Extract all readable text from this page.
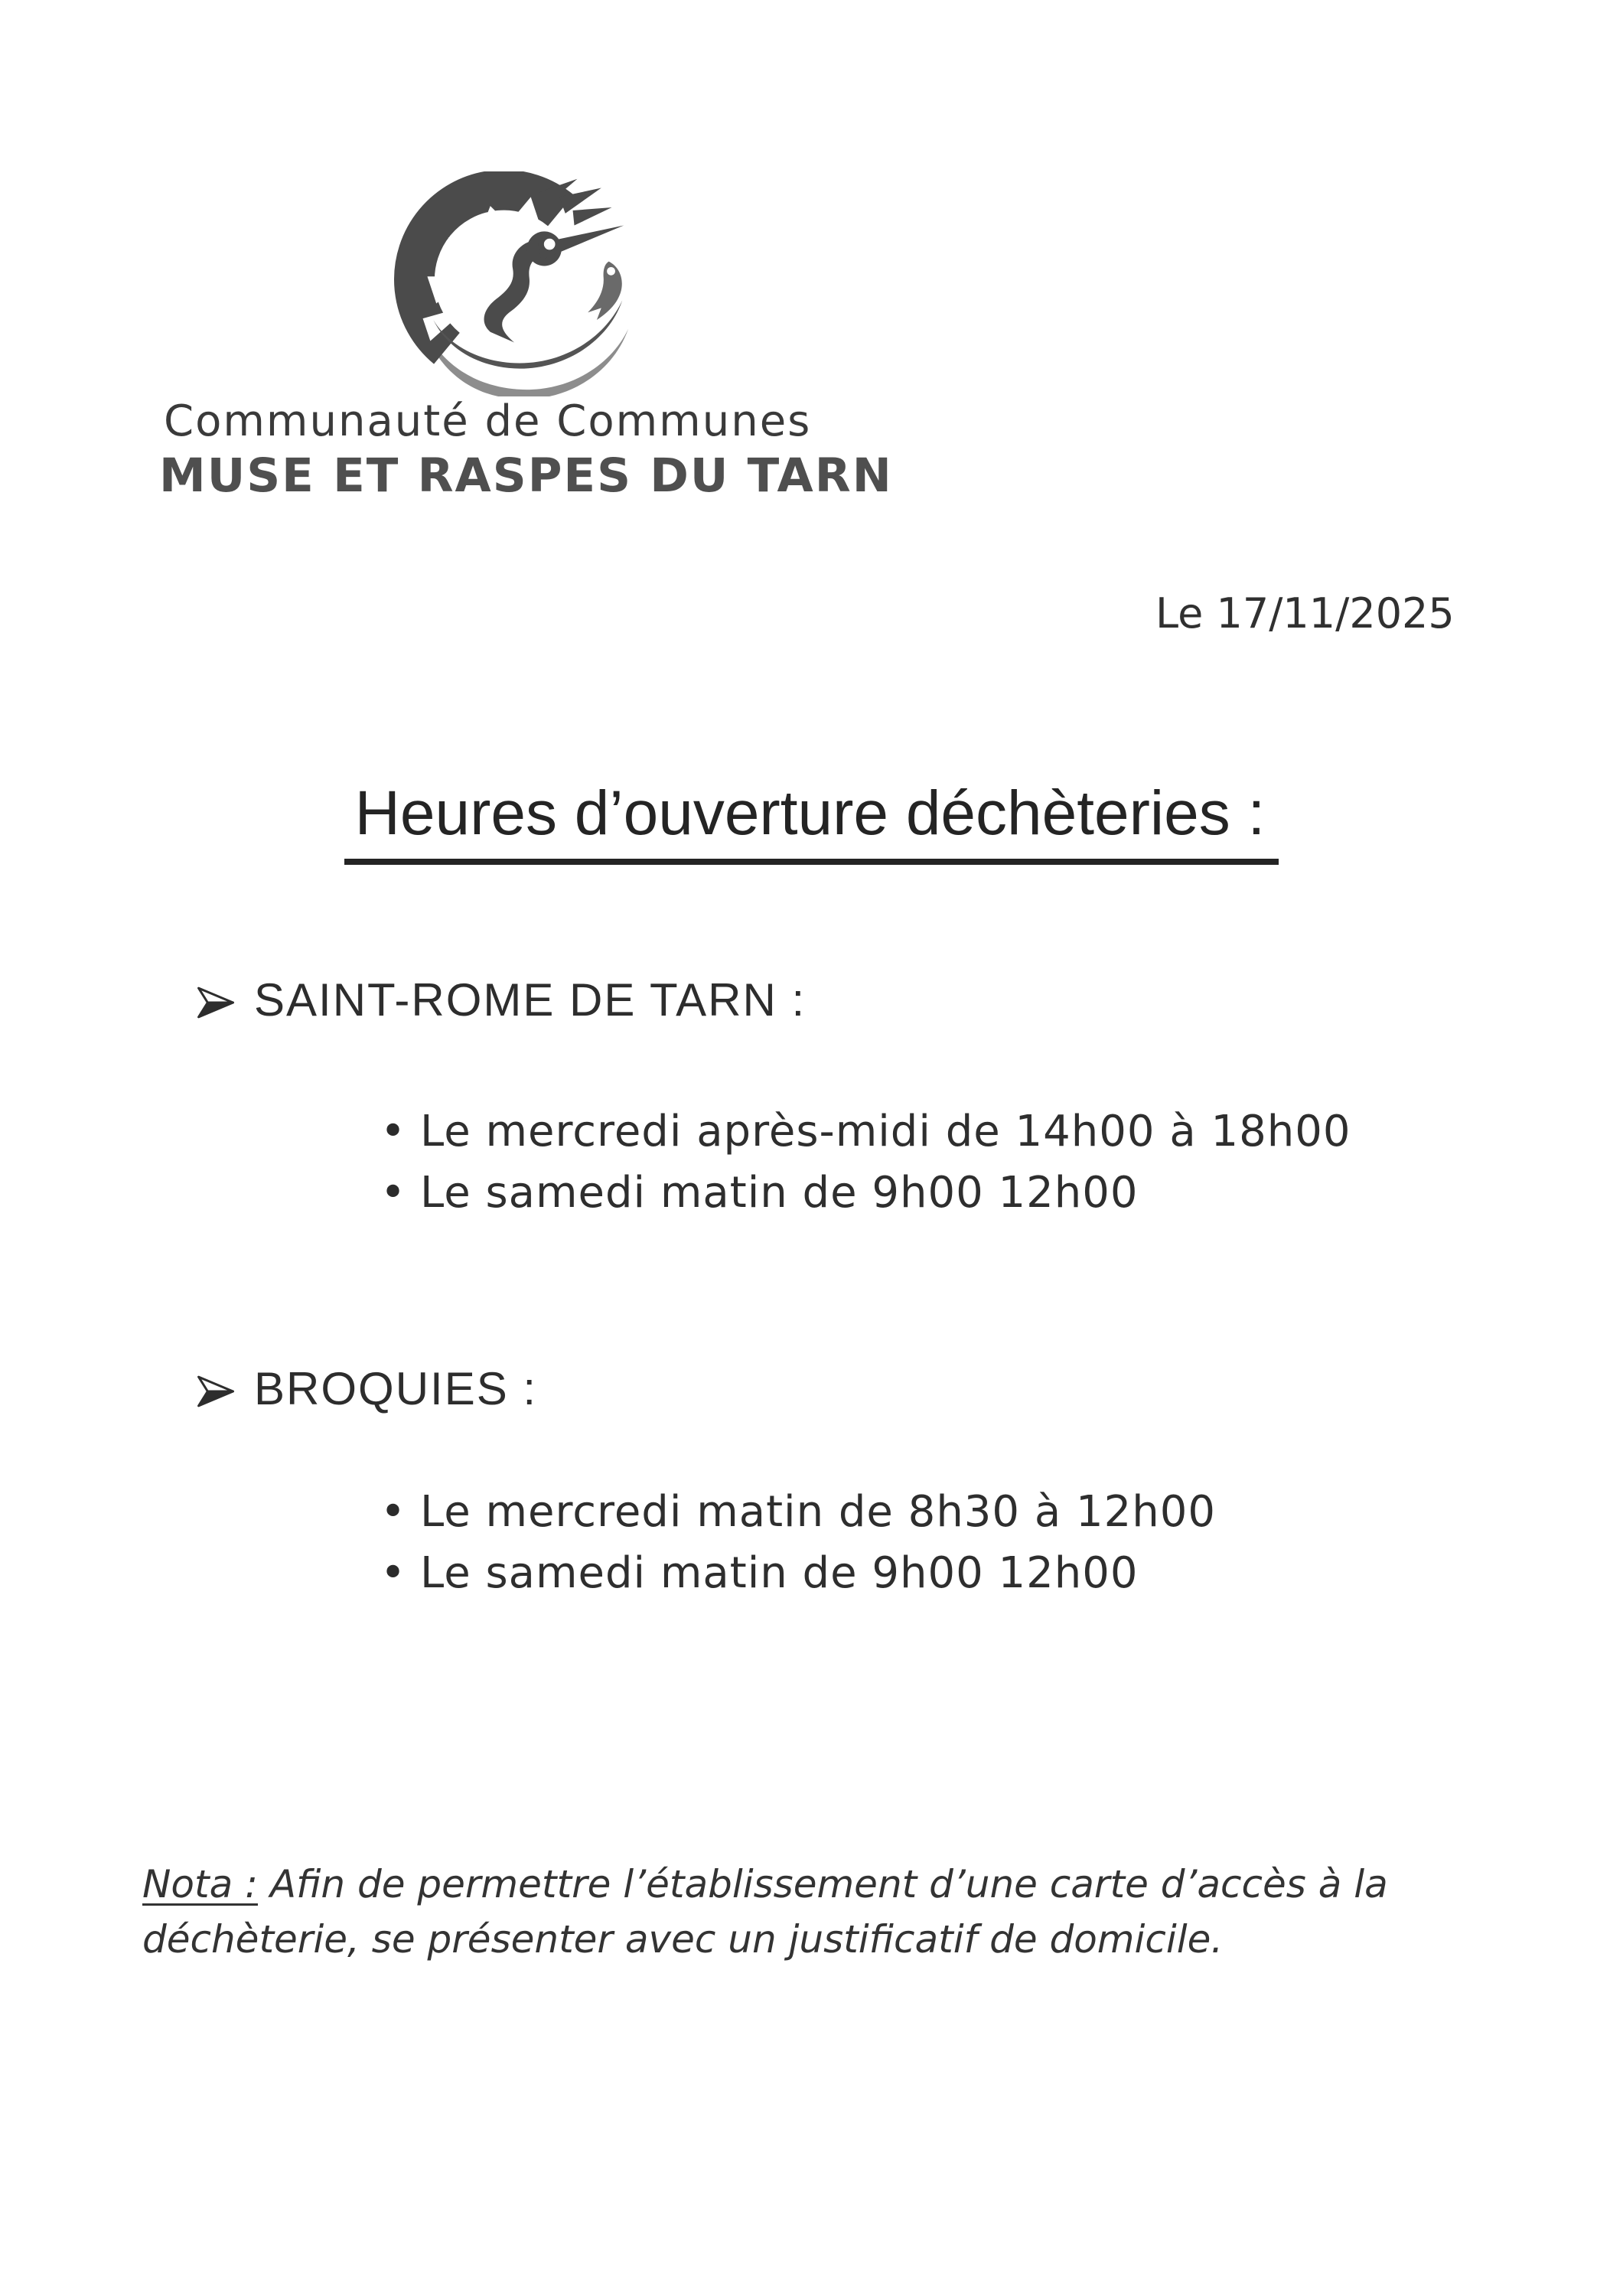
Communauté de Communes
MUSE ET RASPES DU TARN
Le 17/11/2025
Heures d’ouverture déchèteries :
SAINT-ROME DE TARN :
• Le mercredi après-midi de 14h00 à 18h00
• Le samedi matin de 9h00 12h00
BROQUIES :
• Le mercredi matin de 8h30 à 12h00
• Le samedi matin de 9h00 12h00
Nota : Afin de permettre l’établissement d’une carte d’accès à la déchèterie, se présenter avec un justificatif de domicile.
